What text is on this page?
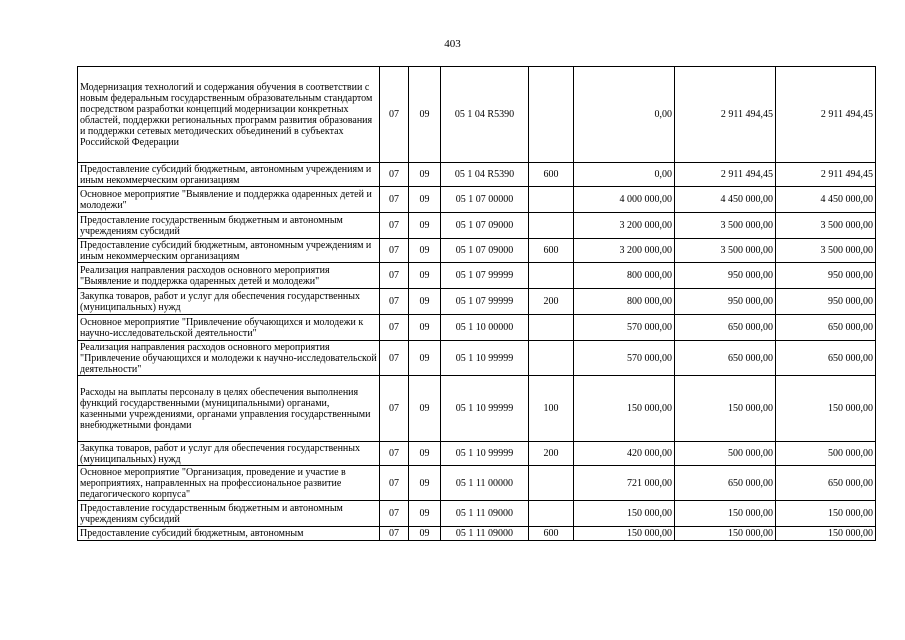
403
Модернизация технологий и содержания обучения в соответствии с новым федеральным государственным образовательным стандартом посредством разработки концепций модернизации конкретных областей, поддержки региональных программ развития образования и поддержки сетевых методических объединений в субъектах Российской Федерации	07	09	05 1 04 R5390		0,00	2 911 494,45	2 911 494,45
Предоставление субсидий бюджетным, автономным учреждениям и иным некоммерческим организациям	07	09	05 1 04 R5390	600	0,00	2 911 494,45	2 911 494,45
Основное мероприятие "Выявление и поддержка одаренных детей и молодежи"	07	09	05 1 07 00000		4 000 000,00	4 450 000,00	4 450 000,00
Предоставление государственным бюджетным и автономным учреждениям субсидий	07	09	05 1 07 09000		3 200 000,00	3 500 000,00	3 500 000,00
Предоставление субсидий бюджетным, автономным учреждениям и иным некоммерческим организациям	07	09	05 1 07 09000	600	3 200 000,00	3 500 000,00	3 500 000,00
Реализация направления расходов основного мероприятия "Выявление и поддержка одаренных детей и молодежи"	07	09	05 1 07 99999		800 000,00	950 000,00	950 000,00
Закупка товаров, работ и услуг для обеспечения государственных (муниципальных) нужд	07	09	05 1 07 99999	200	800 000,00	950 000,00	950 000,00
Основное мероприятие "Привлечение обучающихся и молодежи к научно-исследовательской деятельности"	07	09	05 1 10 00000		570 000,00	650 000,00	650 000,00
Реализация направления расходов основного мероприятия "Привлечение обучающихся и молодежи к научно-исследовательской деятельности"	07	09	05 1 10 99999		570 000,00	650 000,00	650 000,00
Расходы на выплаты персоналу в целях обеспечения выполнения функций государственными (муниципальными) органами, казенными учреждениями, органами управления государственными внебюджетными фондами	07	09	05 1 10 99999	100	150 000,00	150 000,00	150 000,00
Закупка товаров, работ и услуг для обеспечения государственных (муниципальных) нужд	07	09	05 1 10 99999	200	420 000,00	500 000,00	500 000,00
Основное мероприятие "Организация, проведение и участие в мероприятиях, направленных на профессиональное развитие педагогического корпуса"	07	09	05 1 11 00000		721 000,00	650 000,00	650 000,00
Предоставление государственным бюджетным и автономным учреждениям субсидий	07	09	05 1 11 09000		150 000,00	150 000,00	150 000,00
Предоставление субсидий бюджетным, автономным	07	09	05 1 11 09000	600	150 000,00	150 000,00	150 000,00
